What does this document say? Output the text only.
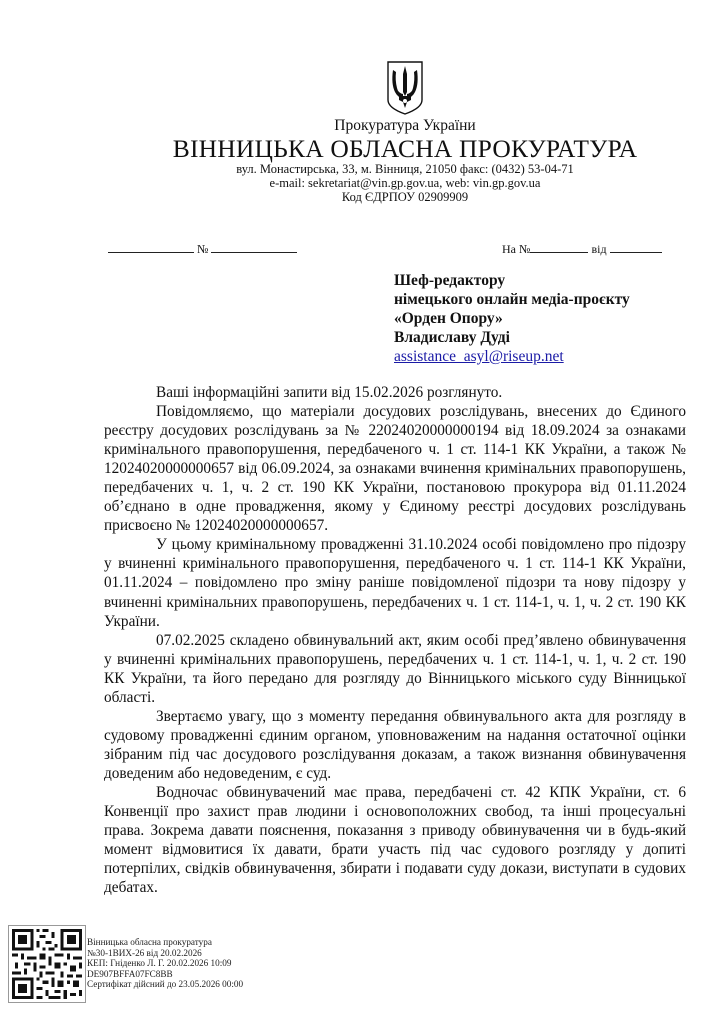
Прокуратура України
ВІННИЦЬКА ОБЛАСНА ПРОКУРАТУРА
вул. Монастирська, 33, м. Вінниця, 21050 факс: (0432) 53-04-71
e-mail: sekretariat@vin.gp.gov.ua, web: vin.gp.gov.ua
Код ЄДРПОУ 02909909
№	На №	від
Шеф-редактору
німецького онлайн медіа-проєкту
«Орден Опору»
Владиславу Дуді
assistance_asyl@riseup.net

Ваші інформаційні запити від 15.02.2026 розглянуто.

Повідомляємо, що матеріали досудових розслідувань, внесених до Єдиного реєстру досудових розслідувань за № 22024020000000194 від 18.09.2024 за ознаками кримінального правопорушення, передбаченого ч. 1 ст. 114-1 КК України, а також № 12024020000000657 від 06.09.2024, за ознаками вчинення кримінальних правопорушень, передбачених ч. 1, ч. 2 ст. 190 КК України, постановою прокурора від 01.11.2024 об’єднано в одне провадження, якому у Єдиному реєстрі досудових розслідувань присвоєно № 12024020000000657.

У цьому кримінальному провадженні 31.10.2024 особі повідомлено про підозру у вчиненні кримінального правопорушення, передбаченого ч. 1 ст. 114-1 КК України, 01.11.2024 – повідомлено про зміну раніше повідомленої підозри та нову підозру у вчиненні кримінальних правопорушень, передбачених ч. 1 ст. 114-1, ч. 1, ч. 2 ст. 190 КК України.

07.02.2025 складено обвинувальний акт, яким особі пред’явлено обвинувачення у вчиненні кримінальних правопорушень, передбачених ч. 1 ст. 114-1, ч. 1, ч. 2 ст. 190 КК України, та його передано для розгляду до Вінницького міського суду Вінницької області.

Звертаємо увагу, що з моменту передання обвинувального акта для розгляду в судовому провадженні єдиним органом, уповноваженим на надання остаточної оцінки зібраним під час досудового розслідування доказам, а також визнання обвинувачення доведеним або недоведеним, є суд.

Водночас обвинувачений має права, передбачені ст. 42 КПК України, ст. 6 Конвенції про захист прав людини і основоположних свобод, та інші процесуальні права. Зокрема давати пояснення, показання з приводу обвинувачення чи в будь-який момент відмовитися їх давати, брати участь під час судового розгляду у допиті потерпілих, свідків обвинувачення, збирати і подавати суду докази, виступати в судових дебатах.

Вінницька обласна прокуратура
№30-1ВИХ-26 від 20.02.2026
КЕП: Гніденко Л. Г. 20.02.2026 10:09
DE907BFFA07FC8BB
Сертифікат дійсний до 23.05.2026 00:00
